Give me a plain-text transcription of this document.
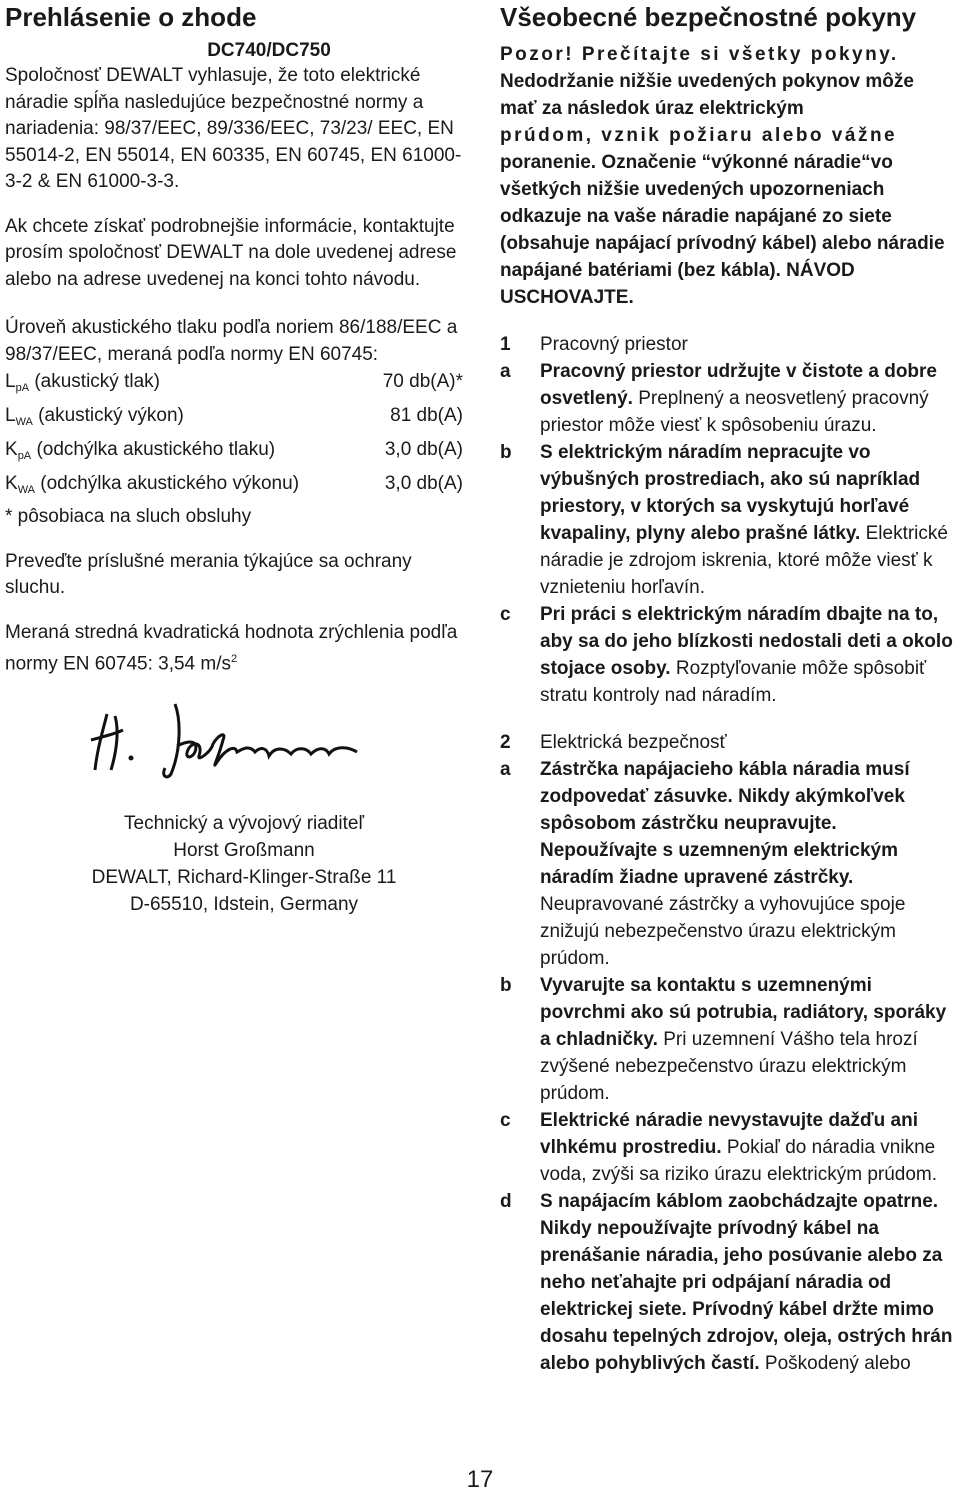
Prehlásenie o zhode
DC740/DC750

Spoločnosť DEWALT vyhlasuje, že toto elektrické náradie spĺňa nasledujúce bezpečnostné normy a nariadenia: 98/37/EEC, 89/336/EEC, 73/23/ EEC, EN 55014-2, EN 55014, EN 60335, EN 60745, EN 61000-3-2 & EN 61000-3-3.

Ak chcete získať podrobnejšie informácie, kontaktujte prosím spoločnosť DEWALT na dole uvedenej adrese alebo na adrese uvedenej na konci tohto návodu.

Úroveň akustického tlaku podľa noriem 86/188/EEC a 98/37/EEC, meraná podľa normy EN 60745:

$L_{pA}$ (akustický tlak)	70 db(A)*
$L_{WA}$ (akustický výkon)	81 db(A)
$K_{pA}$ (odchýlka akustického tlaku)	3,0 db(A)
$K_{WA}$ (odchýlka akustického výkonu)	3,0 db(A)

* pôsobiaca na sluch obsluhy

Preveďte príslušné merania týkajúce sa ochrany sluchu.

Meraná stredná kvadratická hodnota zrýchlenia podľa normy EN 60745: 3,54 $m/s^2$

Technický a vývojový riaditeľ

Horst Großmann

DEWALT, Richard-Klinger-Straße 11

D-65510, Idstein, Germany

Všeobecné bezpečnostné pokyny
Pozor! Prečítajte si všetky pokyny.
Nedodržanie nižšie uvedených pokynov môže mať za následok úraz elektrickým
prúdom, vznik požiaru alebo vážne
poranenie. Označenie “výkonné náradie“vo všetkých nižšie uvedených upozorneniach odkazuje na vaše náradie napájané zo siete (obsahuje napájací prívodný kábel) alebo náradie napájané batériami (bez kábla). NÁVOD USCHOVAJTE.
1	Pracovný priestor
a	Pracovný priestor udržujte v čistote a dobre osvetlený. Preplnený a neosvetlený pracovný priestor môže viesť k spôsobeniu úrazu.
b	S elektrickým náradím nepracujte vo výbušných prostrediach, ako sú napríklad priestory, v ktorých sa vyskytujú horľavé kvapaliny, plyny alebo prašné látky. Elektrické náradie je zdrojom iskrenia, ktoré môže viesť k vznieteniu horľavín.
c	Pri práci s elektrickým náradím dbajte na to, aby sa do jeho blízkosti nedostali deti a okolo stojace osoby. Rozptyľovanie môže spôsobiť stratu kontroly nad náradím.
2	Elektrická bezpečnosť
a	Zástrčka napájacieho kábla náradia musí zodpovedať zásuvke. Nikdy akýmkoľvek spôsobom zástrčku neupravujte. Nepoužívajte s uzemneným elektrickým náradím žiadne upravené zástrčky. Neupravované zástrčky a vyhovujúce spoje znižujú nebezpečenstvo úrazu elektrickým prúdom.
b	Vyvarujte sa kontaktu s uzemnenými povrchmi ako sú potrubia, radiátory, sporáky a chladničky. Pri uzemnení Vášho tela hrozí zvýšené nebezpečenstvo úrazu elektrickým prúdom.
c	Elektrické náradie nevystavujte dažďu ani vlhkému prostrediu. Pokiaľ do náradia vnikne voda, zvýši sa riziko úrazu elektrickým prúdom.
d	S napájacím káblom zaobchádzajte opatrne. Nikdy nepoužívajte prívodný kábel na prenášanie náradia, jeho posúvanie alebo za neho neťahajte pri odpájaní náradia od elektrickej siete. Prívodný kábel držte mimo dosahu tepelných zdrojov, oleja, ostrých hrán alebo pohyblivých častí. Poškodený alebo
17
